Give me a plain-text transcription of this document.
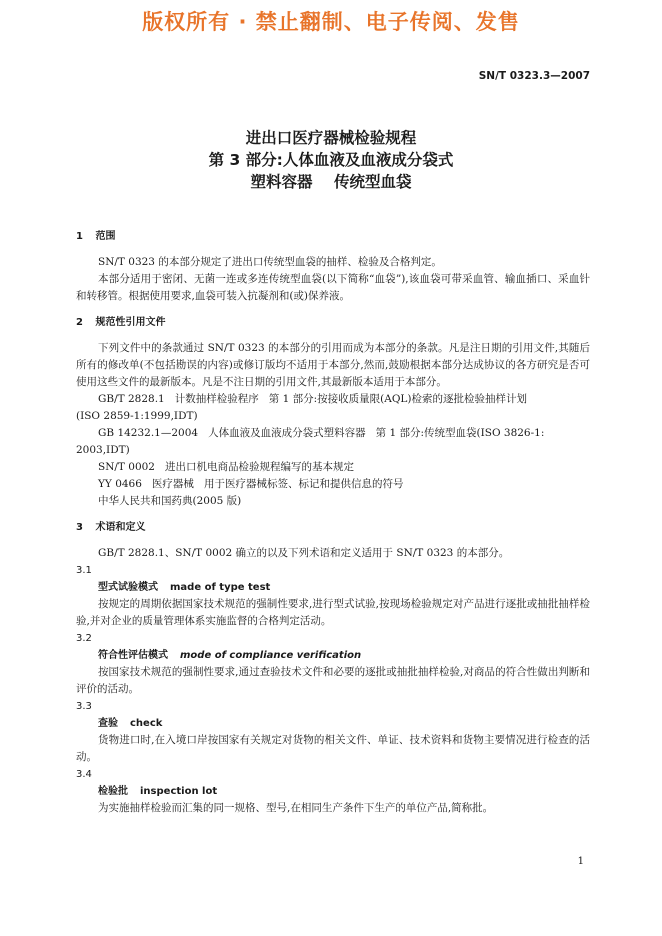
版权所有 · 禁止翻制、电子传阅、发售
SN/T 0323.3—2007
进出口医疗器械检验规程
第 3 部分:人体血液及血液成分袋式
塑料容器    传统型血袋
1 范围

SN/T 0323 的本部分规定了进出口传统型血袋的抽样、检验及合格判定。

本部分适用于密闭、无菌一连或多连传统型血袋(以下简称“血袋”),该血袋可带采血管、输血插口、采血针和转移管。根据使用要求,血袋可装入抗凝剂和(或)保养液。

2 规范性引用文件

下列文件中的条款通过 SN/T 0323 的本部分的引用而成为本部分的条款。凡是注日期的引用文件,其随后所有的修改单(不包括勘误的内容)或修订版均不适用于本部分,然而,鼓励根据本部分达成协议的各方研究是否可使用这些文件的最新版本。凡是不注日期的引用文件,其最新版本适用于本部分。

GB/T 2828.1   计数抽样检验程序   第 1 部分:按接收质量限(AQL)检索的逐批检验抽样计划

(ISO 2859-1:1999,IDT)

GB 14232.1—2004   人体血液及血液成分袋式塑料容器   第 1 部分:传统型血袋(ISO 3826-1:

2003,IDT)

SN/T 0002   进出口机电商品检验规程编写的基本规定

YY 0466   医疗器械   用于医疗器械标签、标记和提供信息的符号

中华人民共和国药典(2005 版)

3 术语和定义

GB/T 2828.1、SN/T 0002 确立的以及下列术语和定义适用于 SN/T 0323 的本部分。

3.1
型式试验模式 made of type test

按规定的周期依据国家技术规范的强制性要求,进行型式试验,按现场检验规定对产品进行逐批或抽批抽样检验,并对企业的质量管理体系实施监督的合格判定活动。

3.2
符合性评估模式 mode of compliance verification

按国家技术规范的强制性要求,通过查验技术文件和必要的逐批或抽批抽样检验,对商品的符合性做出判断和评价的活动。

3.3
查验 check

货物进口时,在入境口岸按国家有关规定对货物的相关文件、单证、技术资料和货物主要情况进行检查的活动。

3.4
检验批 inspection lot

为实施抽样检验而汇集的同一规格、型号,在相同生产条件下生产的单位产品,简称批。

1
